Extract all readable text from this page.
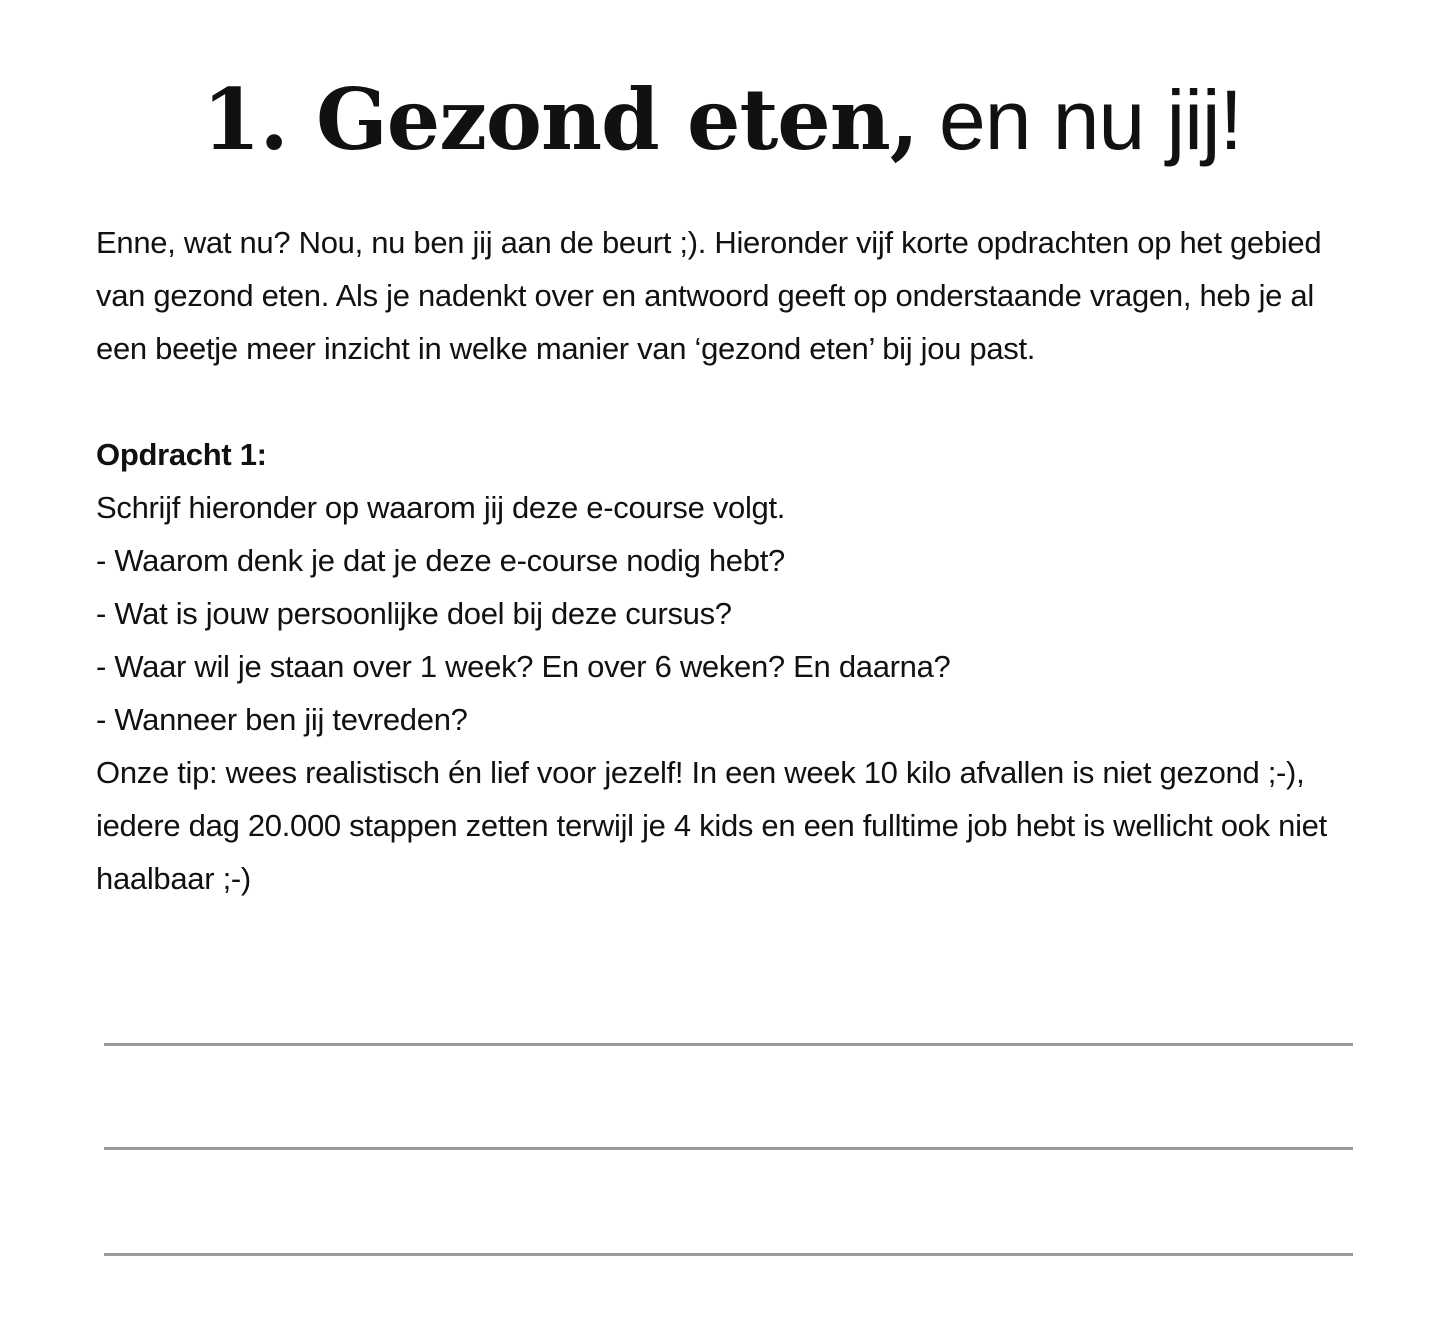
1. Gezond eten, en nu jij!

Enne, wat nu? Nou, nu ben jij aan de beurt ;). Hieronder vijf korte opdrachten op het gebied van gezond eten. Als je nadenkt over en antwoord geeft op onderstaande vragen, heb je al een beetje meer inzicht in welke manier van ‘gezond eten’ bij jou past.

Opdracht 1:

Schrijf hieronder op waarom jij deze e-course volgt.

- Waarom denk je dat je deze e-course nodig hebt?

- Wat is jouw persoonlijke doel bij deze cursus?

- Waar wil je staan over 1 week? En over 6 weken? En daarna?

- Wanneer ben jij tevreden?

Onze tip: wees realistisch én lief voor jezelf! In een week 10 kilo afvallen is niet gezond ;-), iedere dag 20.000 stappen zetten terwijl je 4 kids en een fulltime job hebt is wellicht ook niet haalbaar ;-)
